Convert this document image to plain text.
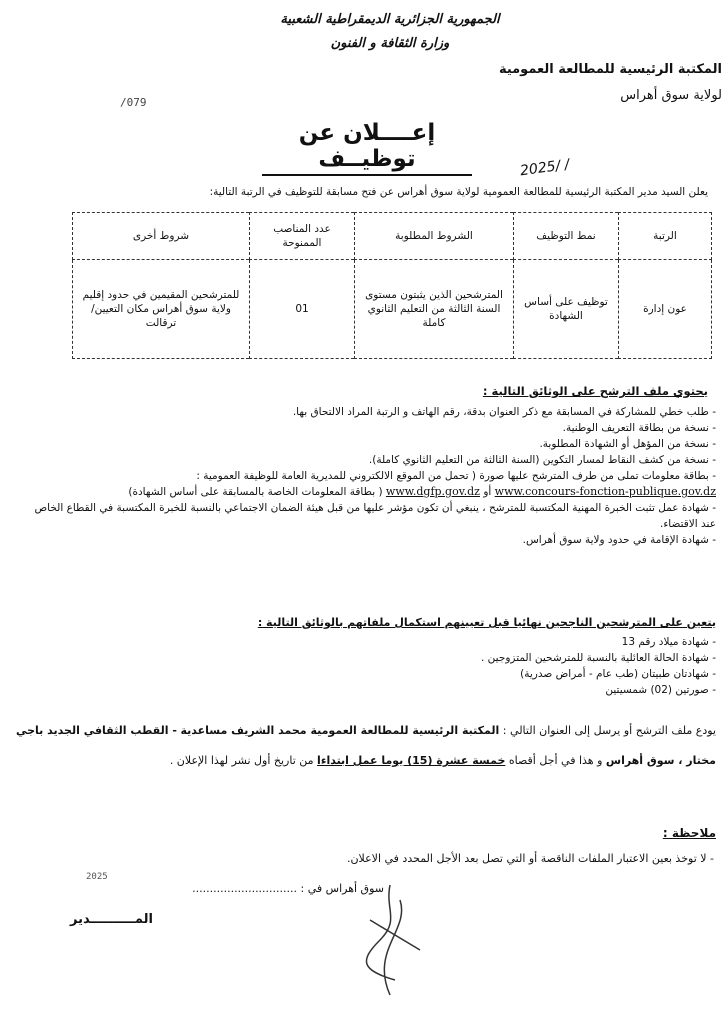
الجمهورية الجزائرية الديمقراطية الشعبية
وزارة الثقافة و الفنون
المكتبة الرئيسية للمطالعة العمومية
لولاية سوق أهراس
/079
إعــــلان عن توظيــف	2025/ /
يعلن السيد مدير المكتبة الرئيسية للمطالعة العمومية لولاية سوق أهراس عن فتح مسابقة للتوظيف في الرتبة التالية:
الرتبة	نمط التوظيف	الشروط المطلوبة	عدد المناصب الممنوحة	شروط أخرى
عون إدارة	توظيف على أساس الشهادة	المترشحين الذين يثبتون مستوى السنة الثالثة من التعليم الثانوي كاملة	01	للمترشحين المقيمين في حدود إقليم ولاية سوق أهراس مكان التعيين/ ترقالت
يحتوي ملف الترشح على الوثائق التالية :
- طلب خطي للمشاركة في المسابقة مع ذكر العنوان بدقة، رقم الهاتف و الرتبة المراد الالتحاق بها.
- نسخة من بطاقة التعريف الوطنية.
- نسخة من المؤهل أو الشهادة المطلوبة.
- نسخة من كشف النقاط لمسار التكوين (السنة الثالثة من التعليم الثانوي كاملة).
- بطاقة معلومات تملى من طرف المترشح عليها صورة ( تحمل من الموقع الالكتروني للمديرية العامة للوظيفة العمومية :
www.concours-fonction-publique.gov.dz أو www.dgfp.gov.dz ( بطاقة المعلومات الخاصة بالمسابقة على أساس الشهادة)
- شهادة عمل تثبت الخبرة المهنية المكتسبة للمترشح ، ينبغي أن تكون مؤشر عليها من قبل هيئة الضمان الاجتماعي بالنسبة للخبرة المكتسبة في القطاع الخاص عند الاقتضاء.
- شهادة الإقامة في حدود ولاية سوق أهراس.
يتعين على المترشحين الناجحين نهائيا قبل تعيينهم استكمال ملفاتهم بالوثائق التالية :
- شهادة ميلاد رقم 13
- شهادة الحالة العائلية بالنسبة للمترشحين المتزوجين .
- شهادتان طبيتان (طب عام - أمراض صدرية)
- صورتين (02) شمسيتين
يودع ملف الترشح أو يرسل إلى العنوان التالي : المكتبة الرئيسية للمطالعة العمومية محمد الشريف مساعدية - القطب الثقافي الجديد باجي مختار ، سوق أهراس و هذا في أجل أقصاه خمسة عشرة (15) يوما عمل ابتداءا من تاريخ أول نشر لهذا الإعلان .
ملاحظة :
- لا توخذ بعين الاعتبار الملفات الناقصة أو التي تصل بعد الأجل المحدد في الاعلان.
2025
سوق أهراس في : ..............................
المــــــــــدير
